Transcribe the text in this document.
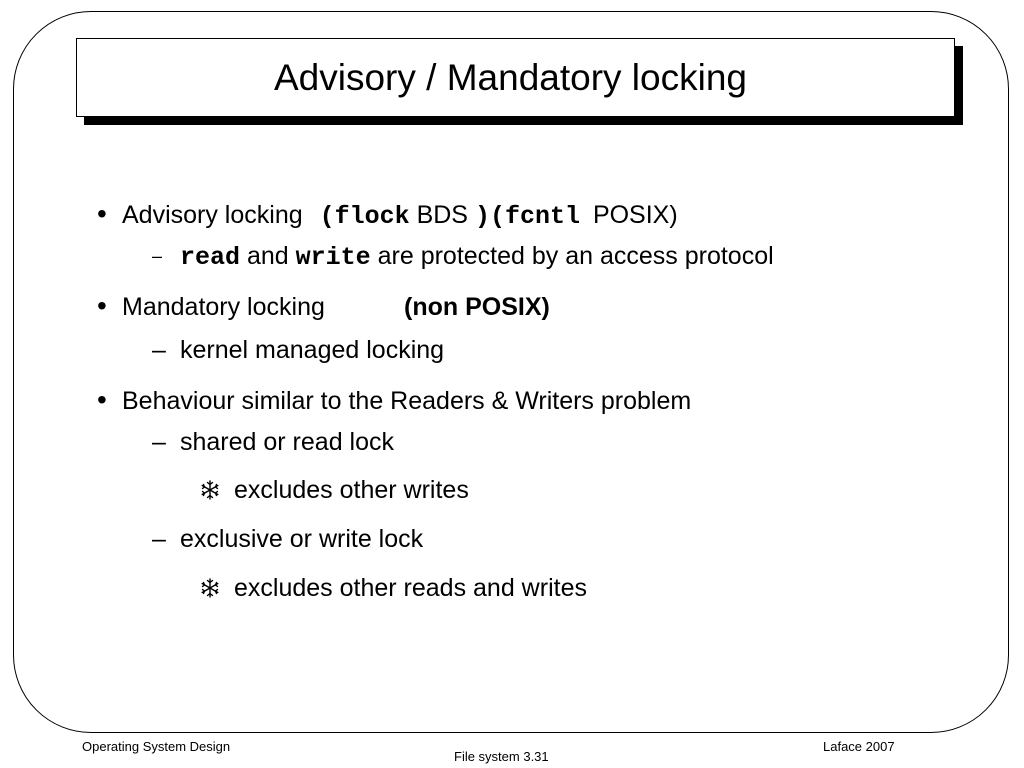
Advisory / Mandatory locking
• Advisory locking (flock BDS )(fcntl POSIX)
– read and write are protected by an access protocol
• Mandatory locking	(non POSIX)
– kernel managed locking
• Behaviour similar to the Readers & Writers problem
– shared or read lock
excludes other writes
– exclusive or write lock
excludes other reads and writes
Operating System Design
File system 3.31
Laface 2007
